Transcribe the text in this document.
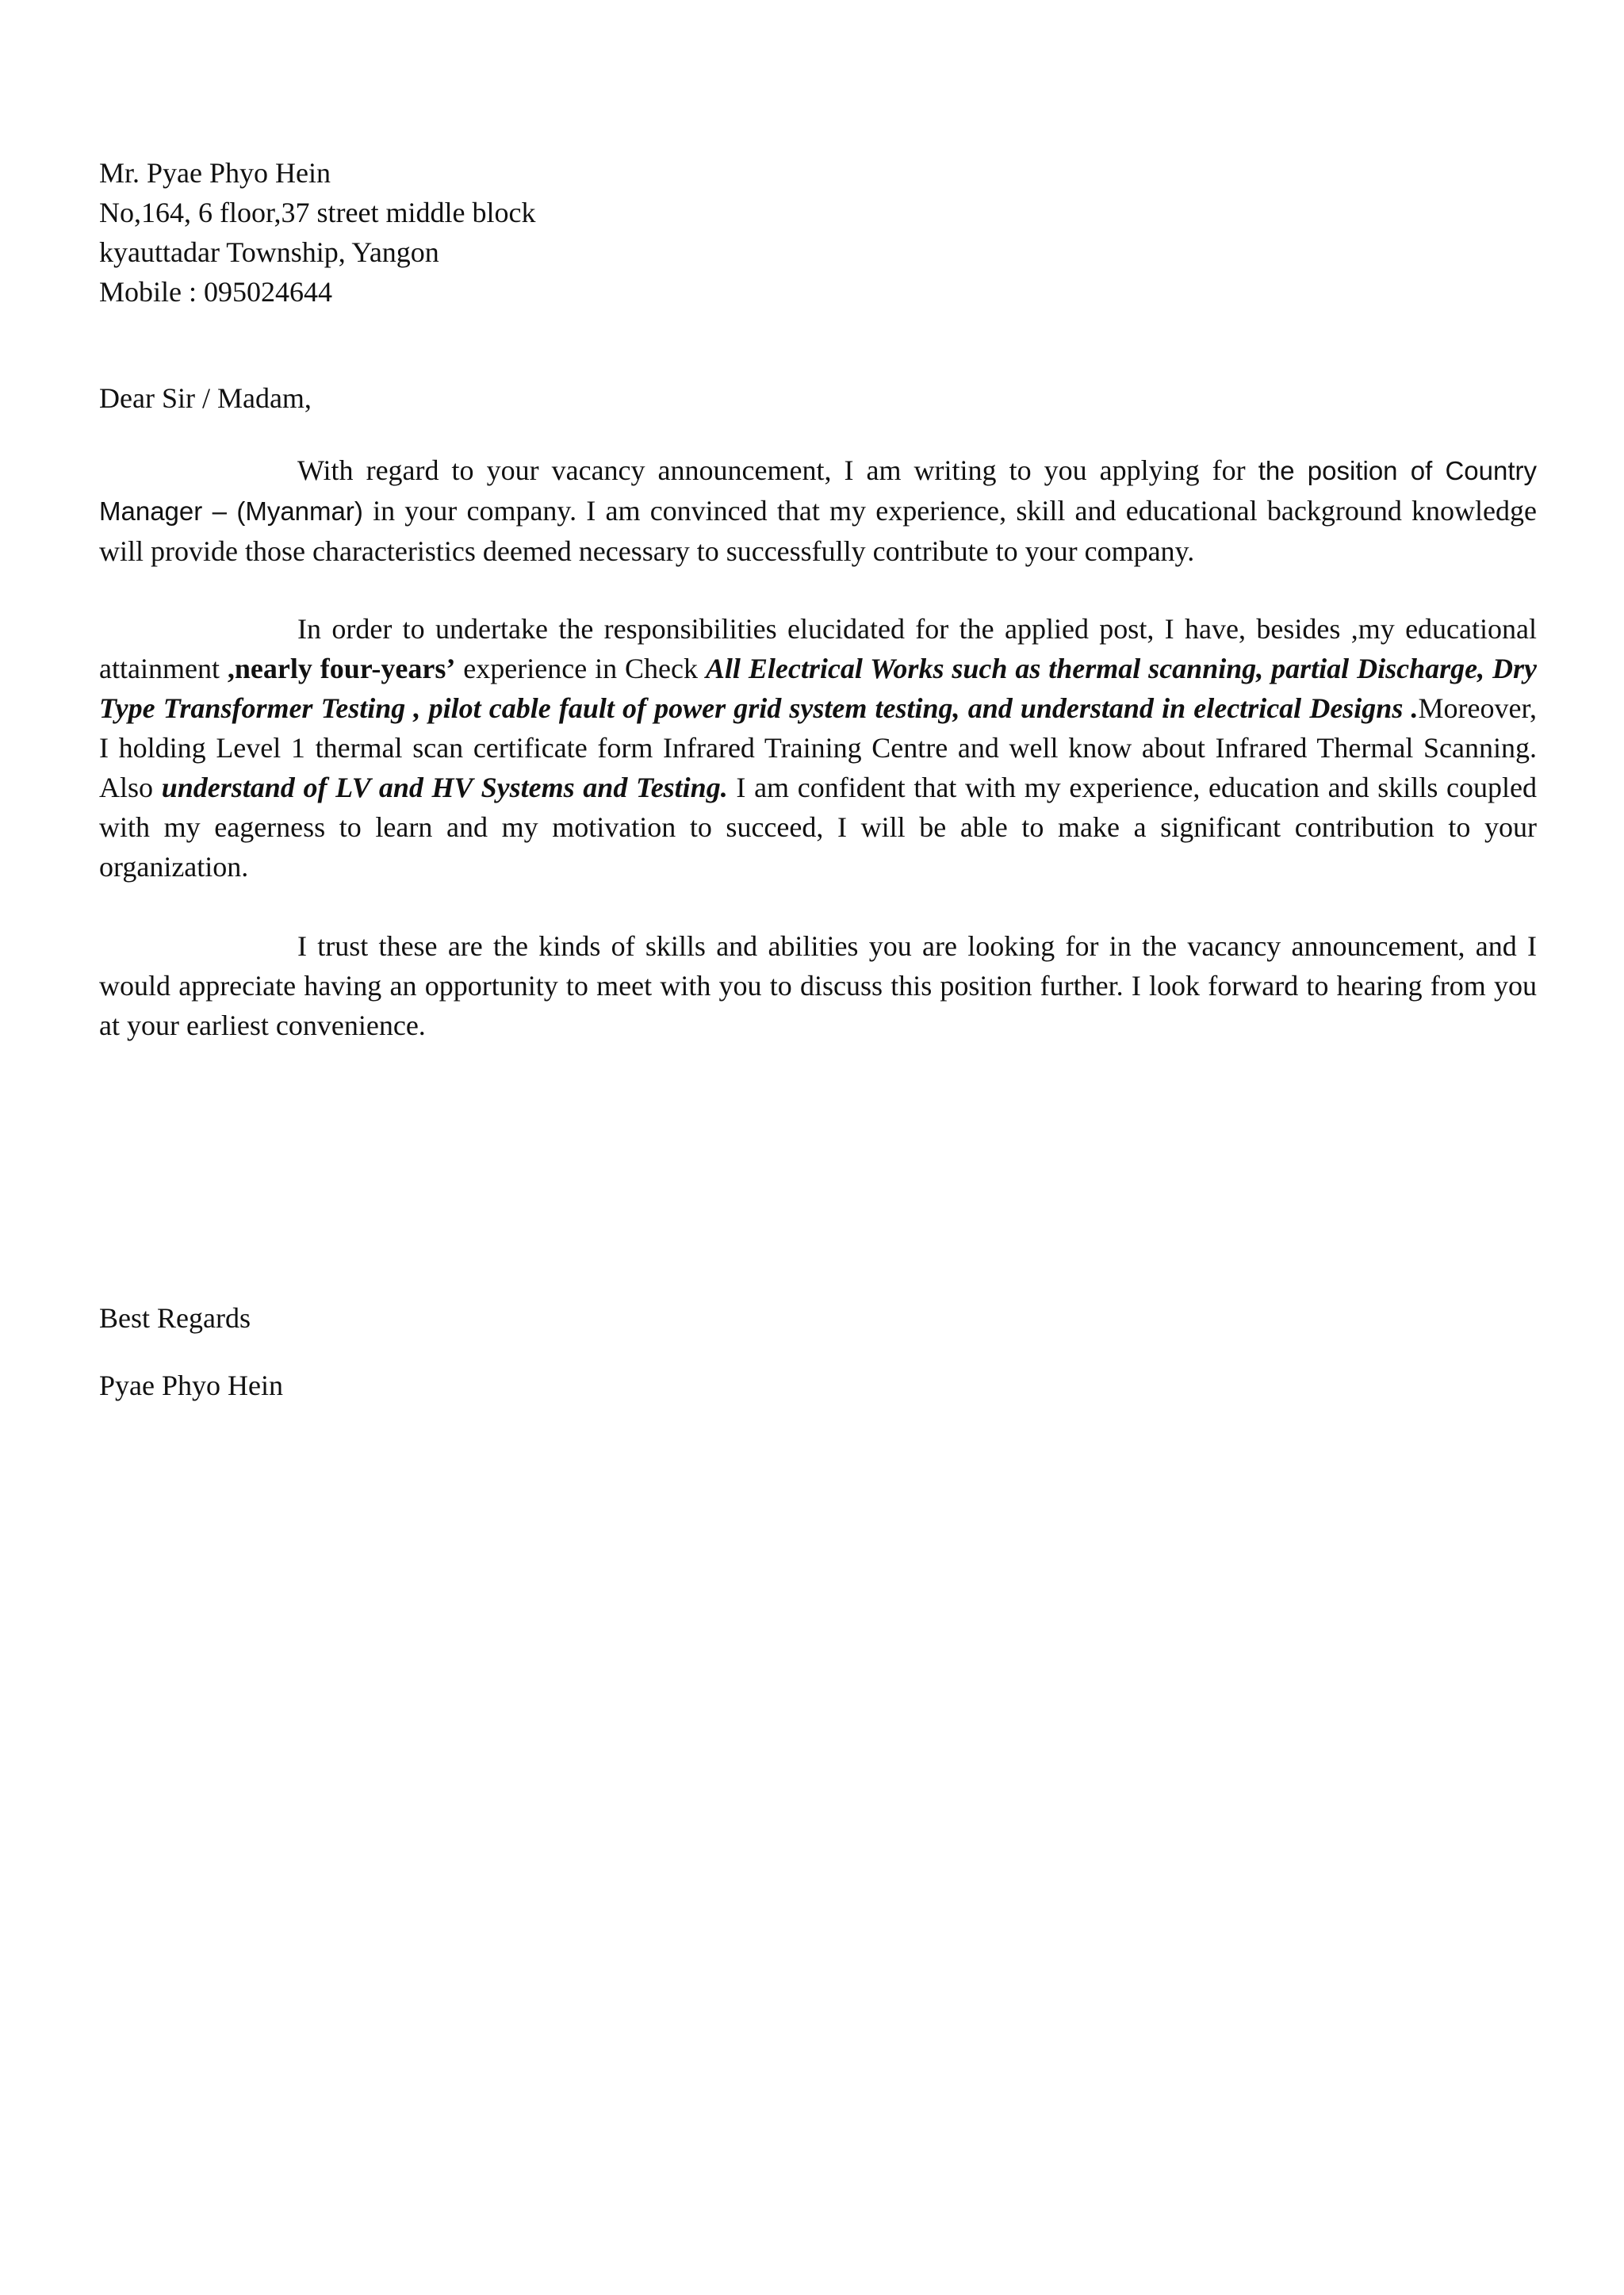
Mr. Pyae Phyo Hein
No,164, 6 floor,37 street middle block
kyauttadar Township, Yangon
Mobile : 095024644
Dear Sir / Madam,
With regard to your vacancy announcement, I am writing to you applying for the position of Country Manager – (Myanmar) in your company. I am convinced that my experience, skill and educational background knowledge will provide those characteristics deemed necessary to successfully contribute to your company.
In order to undertake the responsibilities elucidated for the applied post, I have, besides ,my educational attainment ,nearly four-years’ experience in Check All Electrical Works such as thermal scanning, partial Discharge, Dry Type Transformer Testing , pilot cable fault of power grid system testing, and understand in electrical Designs .Moreover, I holding Level 1 thermal scan certificate form Infrared Training Centre and well know about Infrared Thermal Scanning. Also understand of LV and HV Systems and Testing. I am confident that with my experience, education and skills coupled with my eagerness to learn and my motivation to succeed, I will be able to make a significant contribution to your organization.
I trust these are the kinds of skills and abilities you are looking for in the vacancy announcement, and I would appreciate having an opportunity to meet with you to discuss this position further. I look forward to hearing from you at your earliest convenience.
Best Regards
Pyae Phyo Hein
